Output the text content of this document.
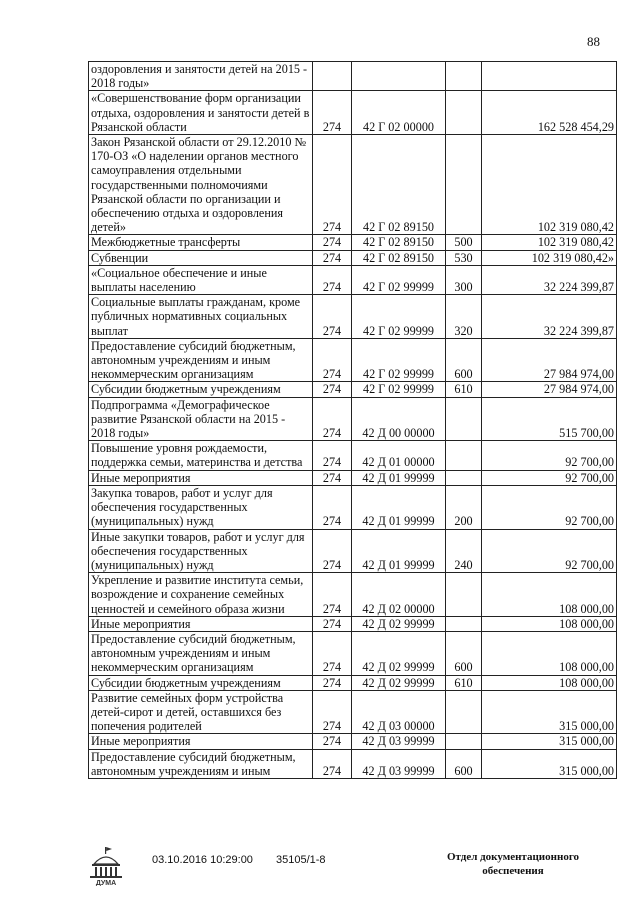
88
оздоровления и занятости детей на 2015 - 2018 годы»				
«Совершенствование форм организации отдыха, оздоровления и занятости детей в Рязанской области	274	42 Г 02 00000		162 528 454,29
Закон Рязанской области от 29.12.2010 № 170-ОЗ «О наделении органов местного самоуправления отдельными государственными полномочиями Рязанской области по организации и обеспечению отдыха и оздоровления детей»	274	42 Г 02 89150		102 319 080,42
Межбюджетные трансферты	274	42 Г 02 89150	500	102 319 080,42
Субвенции	274	42 Г 02 89150	530	102 319 080,42»
«Социальное обеспечение и иные выплаты населению	274	42 Г 02 99999	300	32 224 399,87
Социальные выплаты гражданам, кроме публичных нормативных социальных выплат	274	42 Г 02 99999	320	32 224 399,87
Предоставление субсидий бюджетным, автономным учреждениям и иным некоммерческим организациям	274	42 Г 02 99999	600	27 984 974,00
Субсидии бюджетным учреждениям	274	42 Г 02 99999	610	27 984 974,00
Подпрограмма «Демографическое развитие Рязанской области на 2015 - 2018 годы»	274	42 Д 00 00000		515 700,00
Повышение уровня рождаемости, поддержка семьи, материнства и детства	274	42 Д 01 00000		92 700,00
Иные мероприятия	274	42 Д 01 99999		92 700,00
Закупка товаров, работ и услуг для обеспечения государственных (муниципальных) нужд	274	42 Д 01 99999	200	92 700,00
Иные закупки товаров, работ и услуг для обеспечения государственных (муниципальных) нужд	274	42 Д 01 99999	240	92 700,00
Укрепление и развитие института семьи, возрождение и сохранение семейных ценностей и семейного образа жизни	274	42 Д 02 00000		108 000,00
Иные мероприятия	274	42 Д 02 99999		108 000,00
Предоставление субсидий бюджетным, автономным учреждениям и иным некоммерческим организациям	274	42 Д 02 99999	600	108 000,00
Субсидии бюджетным учреждениям	274	42 Д 02 99999	610	108 000,00
Развитие семейных форм устройства детей-сирот и детей, оставшихся без попечения родителей	274	42 Д 03 00000		315 000,00
Иные мероприятия	274	42 Д 03 99999		315 000,00
Предоставление субсидий бюджетным, автономным учреждениям и иным	274	42 Д 03 99999	600	315 000,00
ДУМА
03.10.2016 10:29:00 35105/1-8	Отдел документационного обеспечения
